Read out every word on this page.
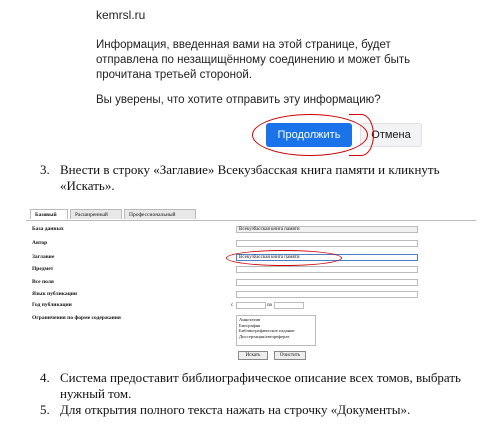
kemrsl.ru
Информация, введенная вами на этой странице, будет отправлена по незащищённому соединению и может быть прочитана третьей стороной.
Вы уверены, что хотите отправить эту информацию?
Продолжить	Отмена
3. Внести в строку «Заглавие» Всекузбасская книга памяти и кликнуть
«Искать».
Базовый	Расширенный	Профессиональный
База данных	Всекузбасская книга памяти
Автор
Заглавие	Всекузбасская книга памяти
Предмет
Все поля
Язык публикации
Год публикации	с	по
Ограничения по форме содержания	Аннотатив
Биография
Библиографическое издание
Диссертация/автореферат
Искать	Очистить
4. Система предоставит библиографическое описание всех томов, выбрать
нужный том.
5. Для открытия полного текста нажать на строчку «Документы».
